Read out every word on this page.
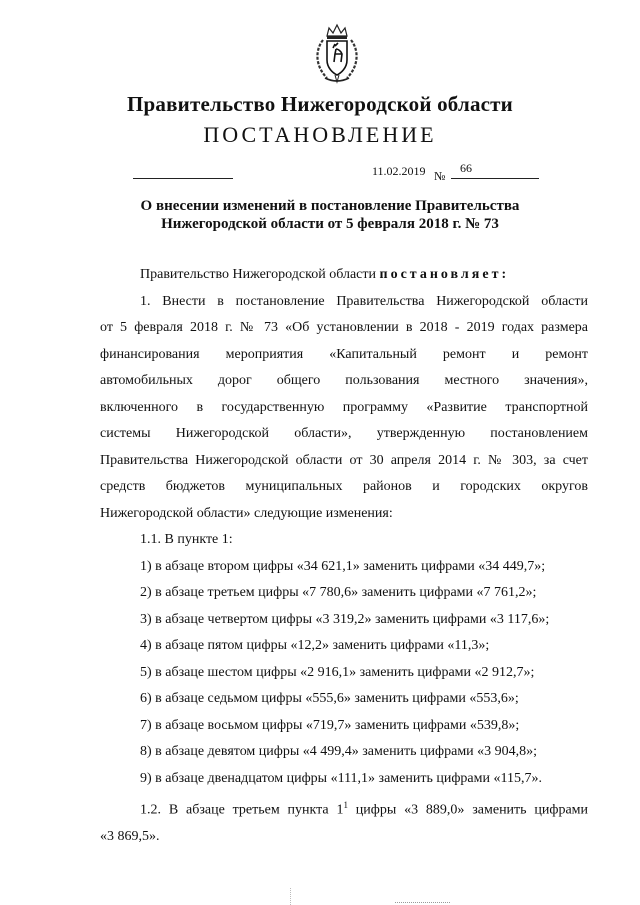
Правительство Нижегородской области
ПОСТАНОВЛЕНИЕ
11.02.2019 №
66
О внесении изменений в постановление Правительства
Нижегородской области от 5 февраля 2018 г. № 73

Правительство Нижегородской области постановляет:

1. Внести в постановление Правительства Нижегородской области

от 5 февраля 2018 г. № 73 «Об установлении в 2018 - 2019 годах размера

финансирования мероприятия «Капитальный ремонт и ремонт

автомобильных дорог общего пользования местного значения»,

включенного в государственную программу «Развитие транспортной

системы Нижегородской области», утвержденную постановлением

Правительства Нижегородской области от 30 апреля 2014 г. № 303, за счет

средств бюджетов муниципальных районов и городских округов

Нижегородской области» следующие изменения:

1.1. В пункте 1:

1) в абзаце втором цифры «34 621,1» заменить цифрами «34 449,7»;

2) в абзаце третьем цифры «7 780,6» заменить цифрами «7 761,2»;

3) в абзаце четвертом цифры «3 319,2» заменить цифрами «3 117,6»;

4) в абзаце пятом цифры «12,2» заменить цифрами «11,3»;

5) в абзаце шестом цифры «2 916,1» заменить цифрами «2 912,7»;

6) в абзаце седьмом цифры «555,6» заменить цифрами «553,6»;

7) в абзаце восьмом цифры «719,7» заменить цифрами «539,8»;

8) в абзаце девятом цифры «4 499,4» заменить цифрами «3 904,8»;

9) в абзаце двенадцатом цифры «111,1» заменить цифрами «115,7».

1.2. В абзаце третьем пункта $1^1$ цифры «3 889,0» заменить цифрами

«3 869,5».
